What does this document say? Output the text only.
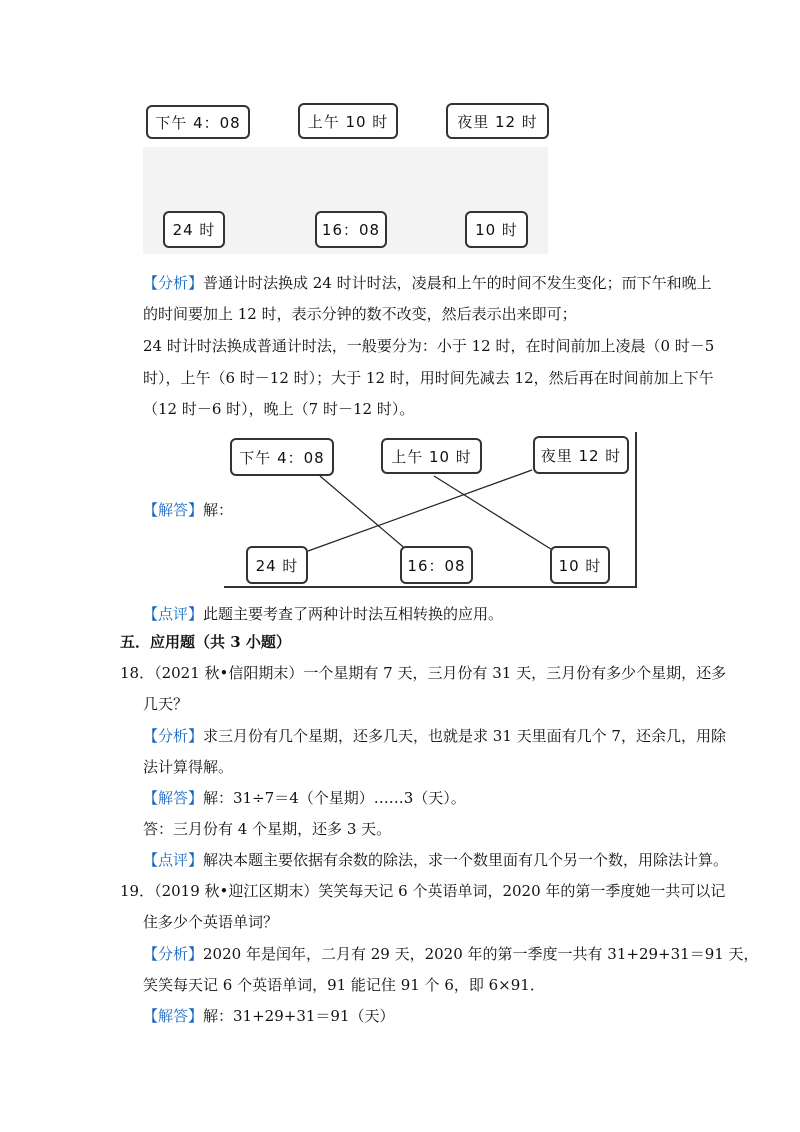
下午 4：08	上午 10 时	夜里 12 时
24 时	16：08	10 时
【分析】普通计时法换成 24 时计时法，凌晨和上午的时间不发生变化；而下午和晚上
的时间要加上 12 时，表示分钟的数不改变，然后表示出来即可；
24 时计时法换成普通计时法，一般要分为：小于 12 时，在时间前加上凌晨（0 时－5
时），上午（6 时－12 时）；大于 12 时，用时间先减去 12，然后再在时间前加上下午
（12 时－6 时），晚上（7 时－12 时）。
【解答】解：
下午 4：08	上午 10 时	夜里 12 时
24 时	16：08	10 时
【点评】此题主要考查了两种计时法互相转换的应用。
五．应用题（共 3 小题）
18．（2021 秋•信阳期末）一个星期有 7 天，三月份有 31 天，三月份有多少个星期，还多
几天？
【分析】求三月份有几个星期，还多几天，也就是求 31 天里面有几个 7，还余几，用除
法计算得解。
【解答】解：31÷7＝4（个星期）……3（天）。
答：三月份有 4 个星期，还多 3 天。
【点评】解决本题主要依据有余数的除法，求一个数里面有几个另一个数，用除法计算。
19．（2019 秋•迎江区期末）笑笑每天记 6 个英语单词，2020 年的第一季度她一共可以记
住多少个英语单词？
【分析】2020 年是闰年，二月有 29 天，2020 年的第一季度一共有 31+29+31＝91 天，
笑笑每天记 6 个英语单词，91 能记住 91 个 6，即 6×91．
【解答】解：31+29+31＝91（天）
